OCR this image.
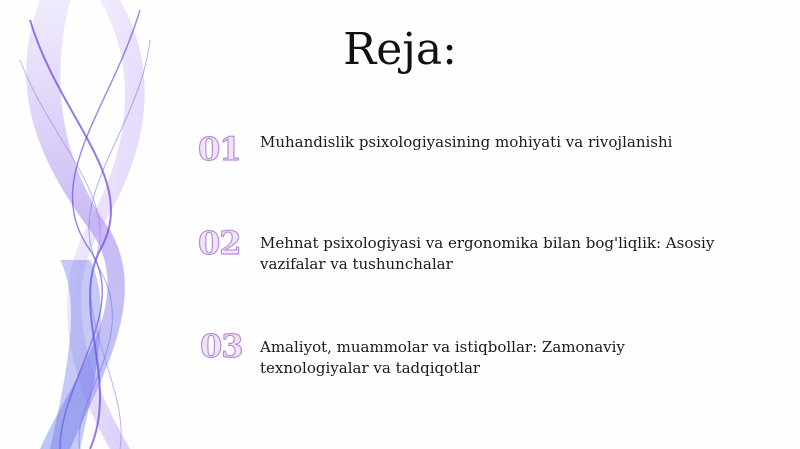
Reja:
01 Muhandislik psixologiyasining mohiyati va rivojlanishi
02 Mehnat psixologiyasi va ergonomika bilan bog'liqlik: Asosiy vazifalar va tushunchalar
03 Amaliyot, muammolar va istiqbollar: Zamonaviy texnologiyalar va tadqiqotlar
